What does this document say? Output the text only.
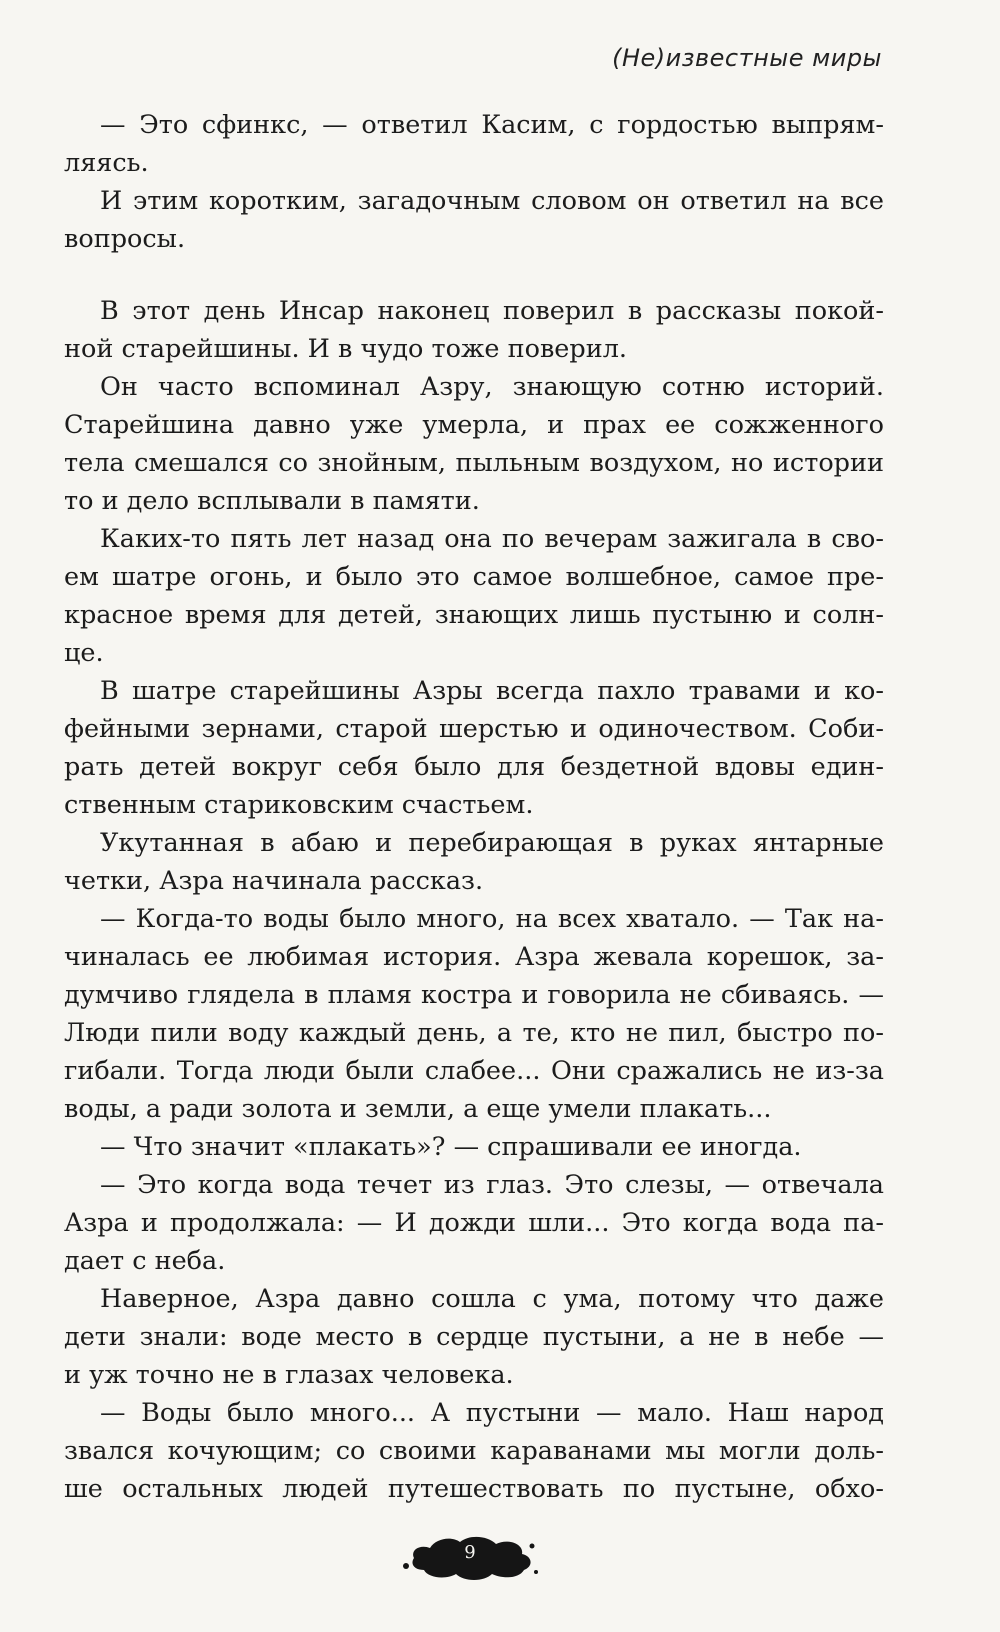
(Не)известные миры
— Это сфинкс, — ответил Касим, с гордостью выпрям-
ляясь.
И этим коротким, загадочным словом он ответил на все
вопросы.
В этот день Инсар наконец поверил в рассказы покой-
ной старейшины. И в чудо тоже поверил.
Он часто вспоминал Азру, знающую сотню историй.
Старейшина давно уже умерла, и прах ее сожженного
тела смешался со знойным, пыльным воздухом, но истории
то и дело всплывали в памяти.
Каких-то пять лет назад она по вечерам зажигала в сво-
ем шатре огонь, и было это самое волшебное, самое пре-
красное время для детей, знающих лишь пустыню и солн-
це.
В шатре старейшины Азры всегда пахло травами и ко-
фейными зернами, старой шерстью и одиночеством. Соби-
рать детей вокруг себя было для бездетной вдовы един-
ственным стариковским счастьем.
Укутанная в абаю и перебирающая в руках янтарные
четки, Азра начинала рассказ.
— Когда-то воды было много, на всех хватало. — Так на-
чиналась ее любимая история. Азра жевала корешок, за-
думчиво глядела в пламя костра и говорила не сбиваясь. —
Люди пили воду каждый день, а те, кто не пил, быстро по-
гибали. Тогда люди были слабее... Они сражались не из-за
воды, а ради золота и земли, а еще умели плакать...
— Что значит «плакать»? — спрашивали ее иногда.
— Это когда вода течет из глаз. Это слезы, — отвечала
Азра и продолжала: — И дожди шли... Это когда вода па-
дает с неба.
Наверное, Азра давно сошла с ума, потому что даже
дети знали: воде место в сердце пустыни, а не в небе —
и уж точно не в глазах человека.
— Воды было много... А пустыни — мало. Наш народ
звался кочующим; со своими караванами мы могли доль-
ше остальных людей путешествовать по пустыне, обхо-
9
